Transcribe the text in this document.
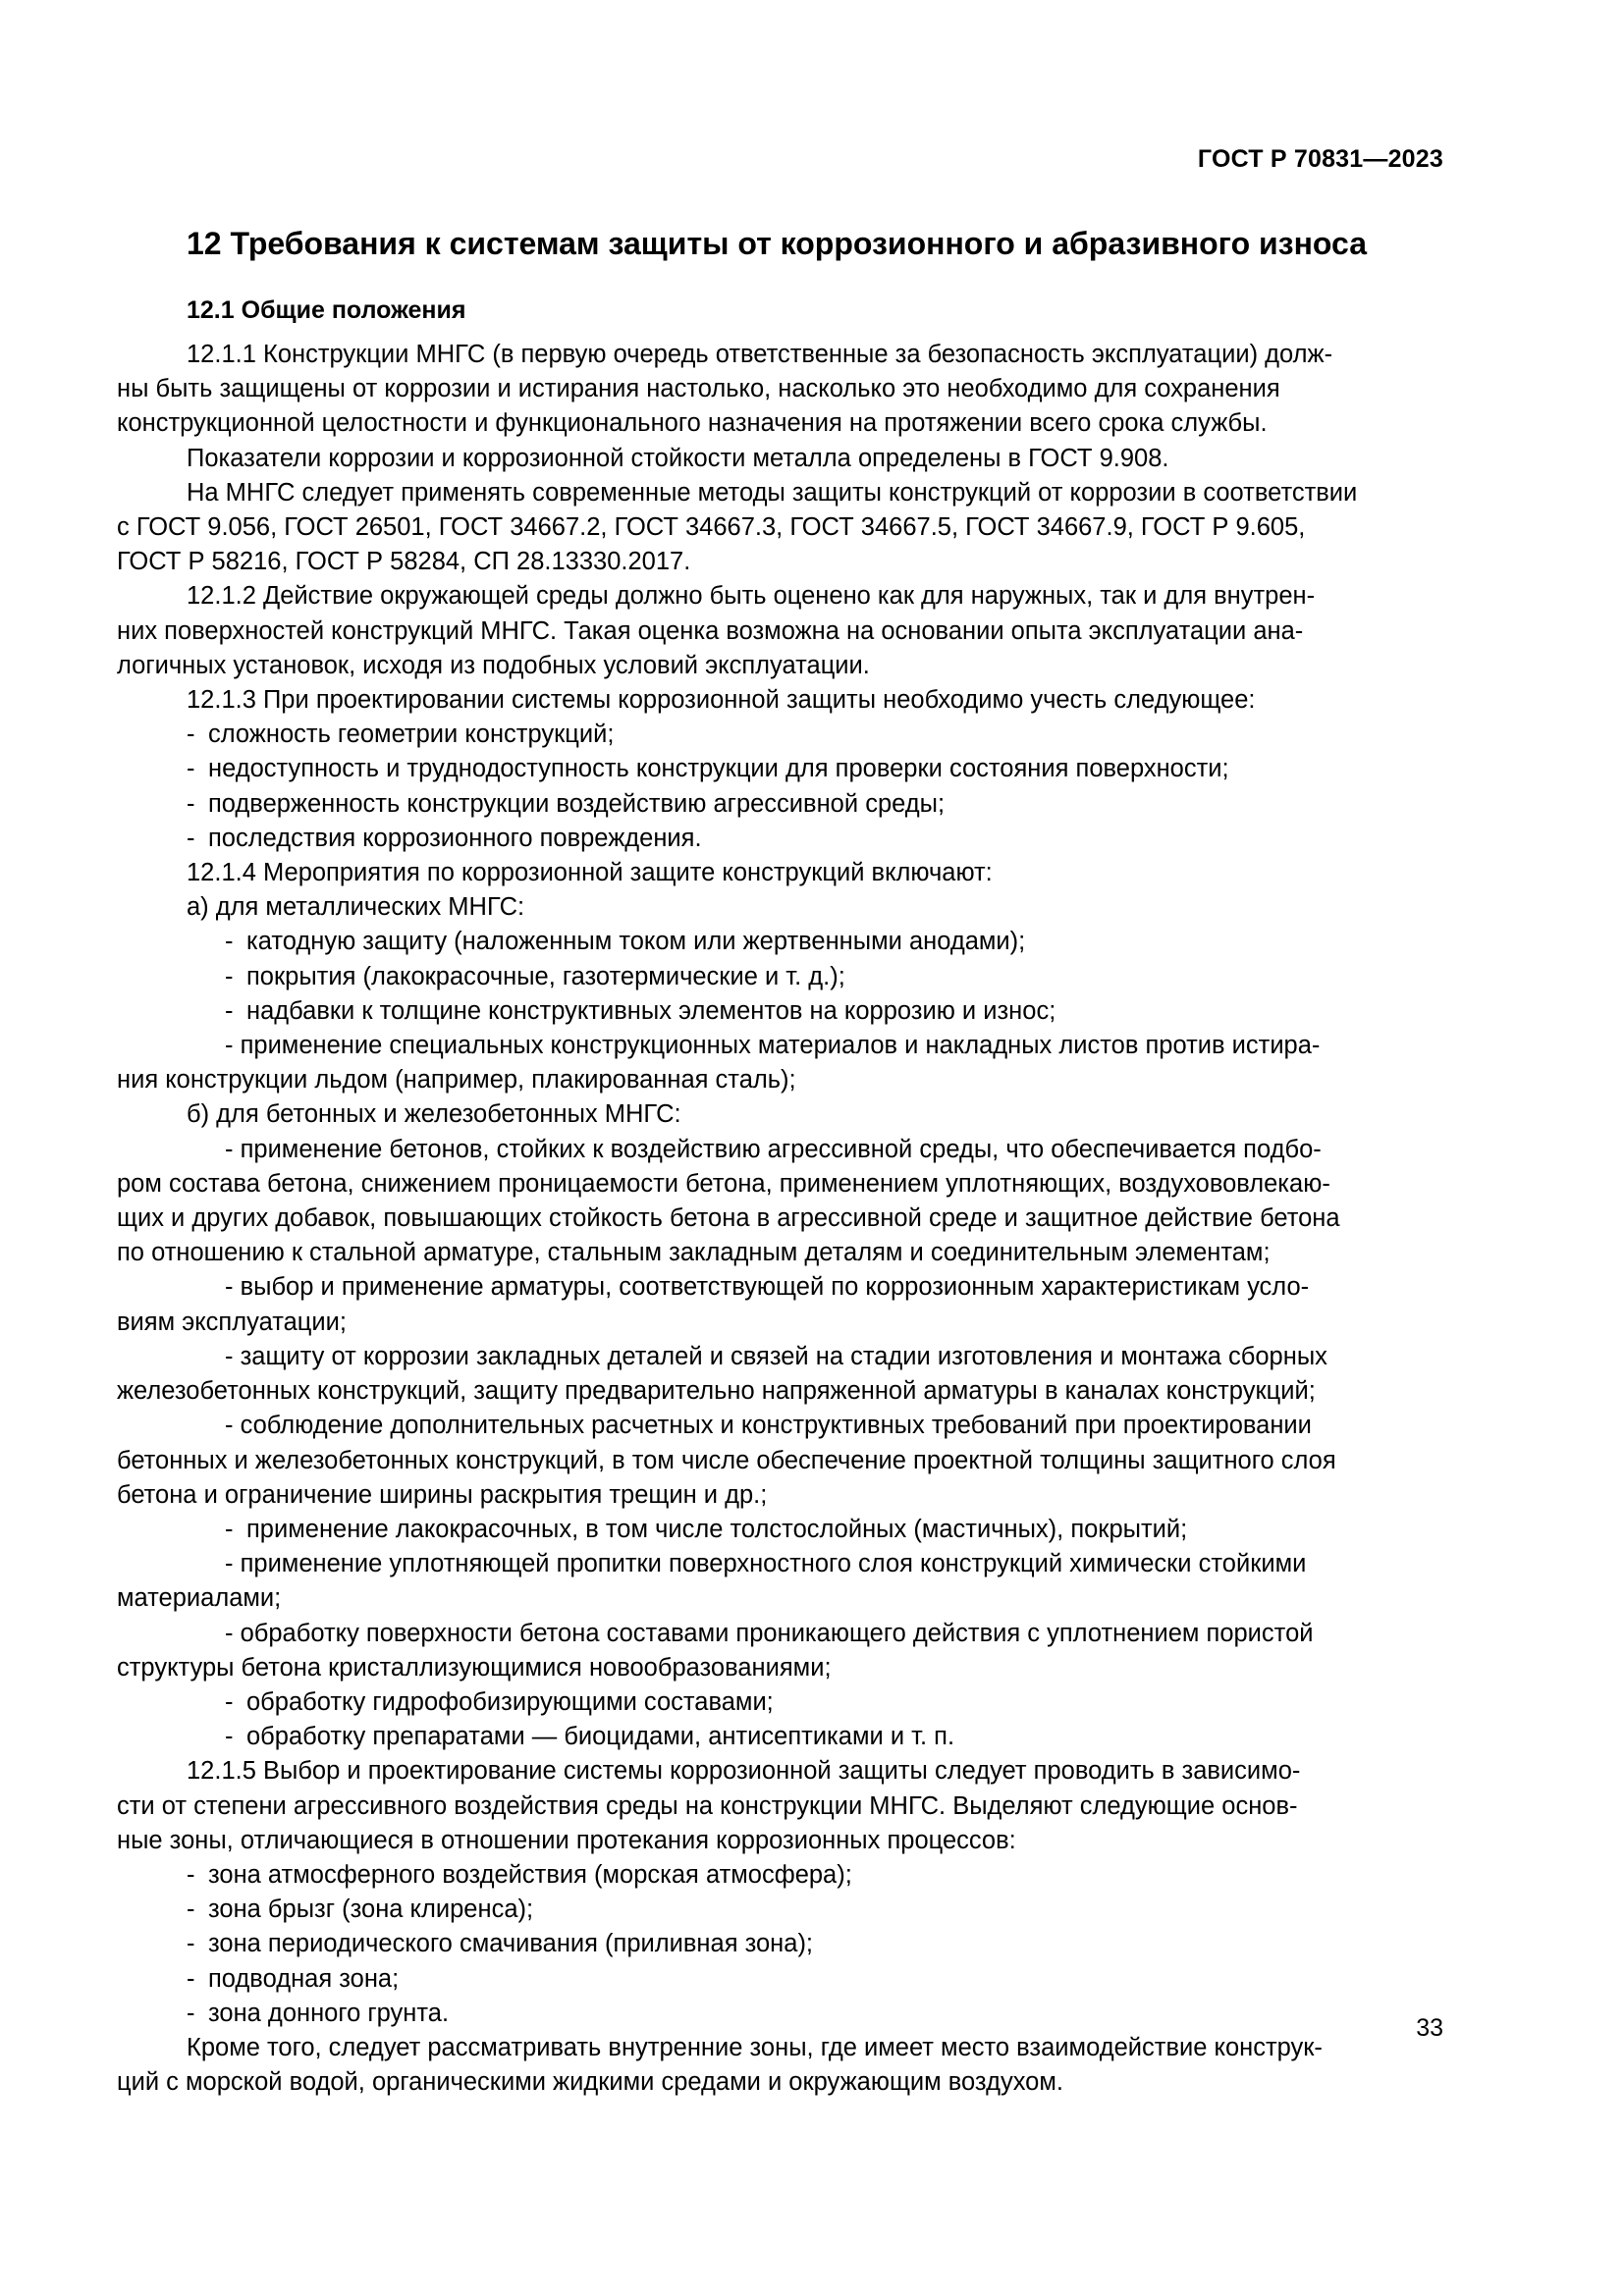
ГОСТ Р 70831—2023
12 Требования к системам защиты от коррозионного и абразивного износа
12.1 Общие положения

12.1.1 Конструкции МНГС (в первую очередь ответственные за безопасность эксплуатации) долж-
ны быть защищены от коррозии и истирания настолько, насколько это необходимо для сохранения
конструкционной целостности и функционального назначения на протяжении всего срока службы.

Показатели коррозии и коррозионной стойкости металла определены в ГОСТ 9.908.

На МНГС следует применять современные методы защиты конструкций от коррозии в соответствии
с ГОСТ 9.056, ГОСТ 26501, ГОСТ 34667.2, ГОСТ 34667.3, ГОСТ 34667.5, ГОСТ 34667.9, ГОСТ Р 9.605,
ГОСТ Р 58216, ГОСТ Р 58284, СП 28.13330.2017.

12.1.2 Действие окружающей среды должно быть оценено как для наружных, так и для внутрен-
них поверхностей конструкций МНГС. Такая оценка возможна на основании опыта эксплуатации ана-
логичных установок, исходя из подобных условий эксплуатации.

12.1.3 При проектировании системы коррозионной защиты необходимо учесть следующее:

- сложность геометрии конструкций;

- недоступность и труднодоступность конструкции для проверки состояния поверхности;

- подверженность конструкции воздействию агрессивной среды;

- последствия коррозионного повреждения.

12.1.4 Мероприятия по коррозионной защите конструкций включают:

а) для металлических МНГС:

- катодную защиту (наложенным током или жертвенными анодами);

- покрытия (лакокрасочные, газотермические и т. д.);

- надбавки к толщине конструктивных элементов на коррозию и износ;

- применение специальных конструкционных материалов и накладных листов против истира-
ния конструкции льдом (например, плакированная сталь);

б) для бетонных и железобетонных МНГС:

- применение бетонов, стойких к воздействию агрессивной среды, что обеспечивается подбо-
ром состава бетона, снижением проницаемости бетона, применением уплотняющих, воздухововлекаю-
щих и других добавок, повышающих стойкость бетона в агрессивной среде и защитное действие бетона
по отношению к стальной арматуре, стальным закладным деталям и соединительным элементам;

- выбор и применение арматуры, соответствующей по коррозионным характеристикам усло-
виям эксплуатации;

- защиту от коррозии закладных деталей и связей на стадии изготовления и монтажа сборных
железобетонных конструкций, защиту предварительно напряженной арматуры в каналах конструкций;

- соблюдение дополнительных расчетных и конструктивных требований при проектировании
бетонных и железобетонных конструкций, в том числе обеспечение проектной толщины защитного слоя
бетона и ограничение ширины раскрытия трещин и др.;

- применение лакокрасочных, в том числе толстослойных (мастичных), покрытий;

- применение уплотняющей пропитки поверхностного слоя конструкций химически стойкими
материалами;

- обработку поверхности бетона составами проникающего действия с уплотнением пористой
структуры бетона кристаллизующимися новообразованиями;

- обработку гидрофобизирующими составами;

- обработку препаратами — биоцидами, антисептиками и т. п.

12.1.5 Выбор и проектирование системы коррозионной защиты следует проводить в зависимо-
сти от степени агрессивного воздействия среды на конструкции МНГС. Выделяют следующие основ-
ные зоны, отличающиеся в отношении протекания коррозионных процессов:

- зона атмосферного воздействия (морская атмосфера);

- зона брызг (зона клиренса);

- зона периодического смачивания (приливная зона);

- подводная зона;

- зона донного грунта.

Кроме того, следует рассматривать внутренние зоны, где имеет место взаимодействие конструк-
ций с морской водой, органическими жидкими средами и окружающим воздухом.

33
